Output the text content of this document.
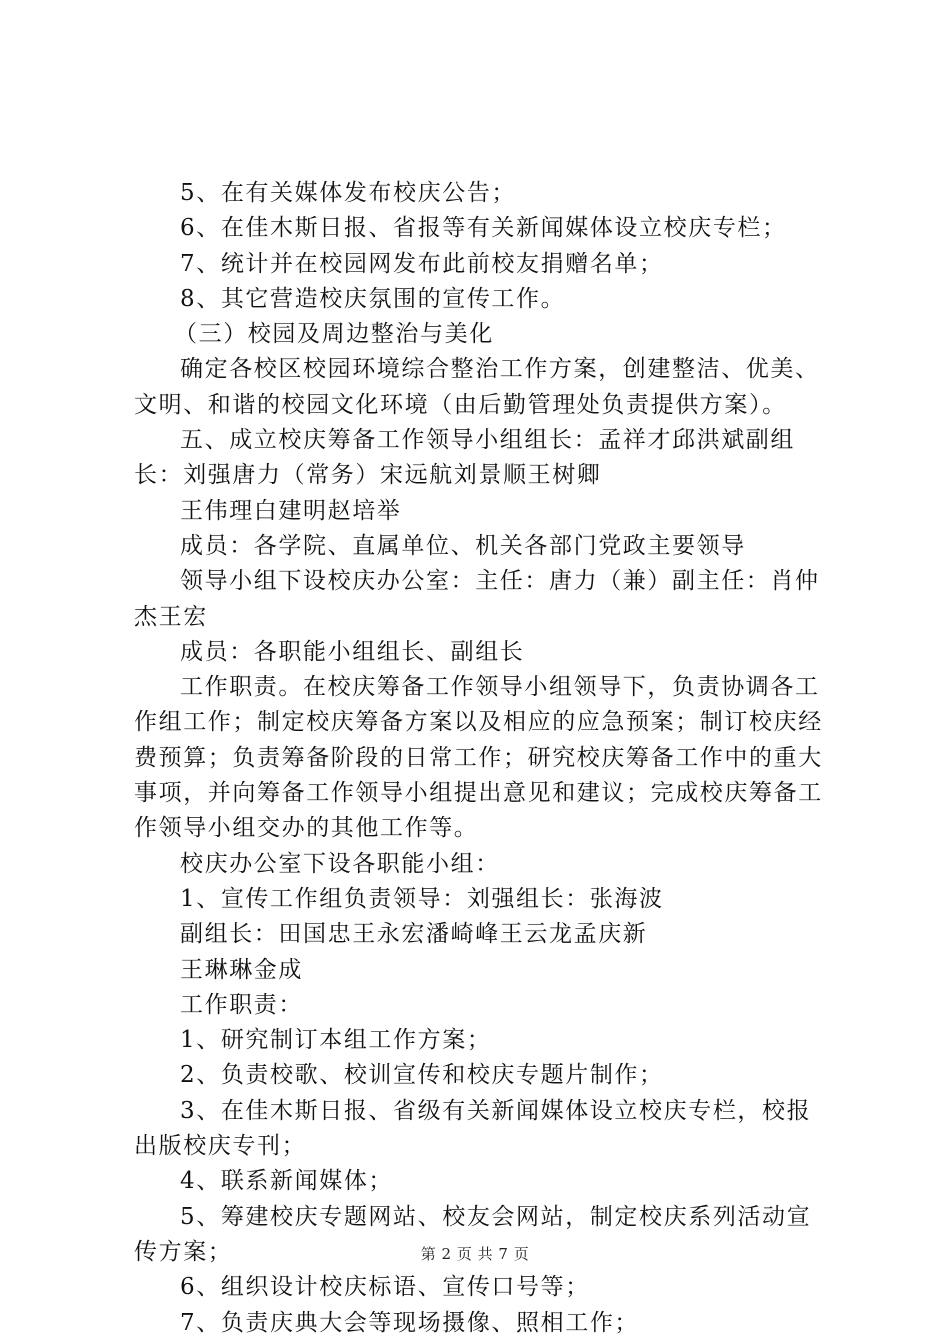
5、在有关媒体发布校庆公告；

6、在佳木斯日报、省报等有关新闻媒体设立校庆专栏；

7、统计并在校园网发布此前校友捐赠名单；

8、其它营造校庆氛围的宣传工作。

（三）校园及周边整治与美化

确定各校区校园环境综合整治工作方案，创建整洁、优美、文明、和谐的校园文化环境（由后勤管理处负责提供方案）。

五、成立校庆筹备工作领导小组组长：孟祥才邱洪斌副组长：刘强唐力（常务）宋远航刘景顺王树卿

王伟理白建明赵培举

成员：各学院、直属单位、机关各部门党政主要领导

领导小组下设校庆办公室：主任：唐力（兼）副主任：肖仲杰王宏

成员：各职能小组组长、副组长

工作职责。在校庆筹备工作领导小组领导下，负责协调各工作组工作；制定校庆筹备方案以及相应的应急预案；制订校庆经费预算；负责筹备阶段的日常工作；研究校庆筹备工作中的重大事项，并向筹备工作领导小组提出意见和建议；完成校庆筹备工作领导小组交办的其他工作等。

校庆办公室下设各职能小组：

1、宣传工作组负责领导：刘强组长：张海波

副组长：田国忠王永宏潘崎峰王云龙孟庆新

王琳琳金成

工作职责：

1、研究制订本组工作方案；

2、负责校歌、校训宣传和校庆专题片制作；

3、在佳木斯日报、省级有关新闻媒体设立校庆专栏，校报出版校庆专刊；

4、联系新闻媒体；

5、筹建校庆专题网站、校友会网站，制定校庆系列活动宣传方案；

6、组织设计校庆标语、宣传口号等；

7、负责庆典大会等现场摄像、照相工作；

第 2 页 共 7 页
